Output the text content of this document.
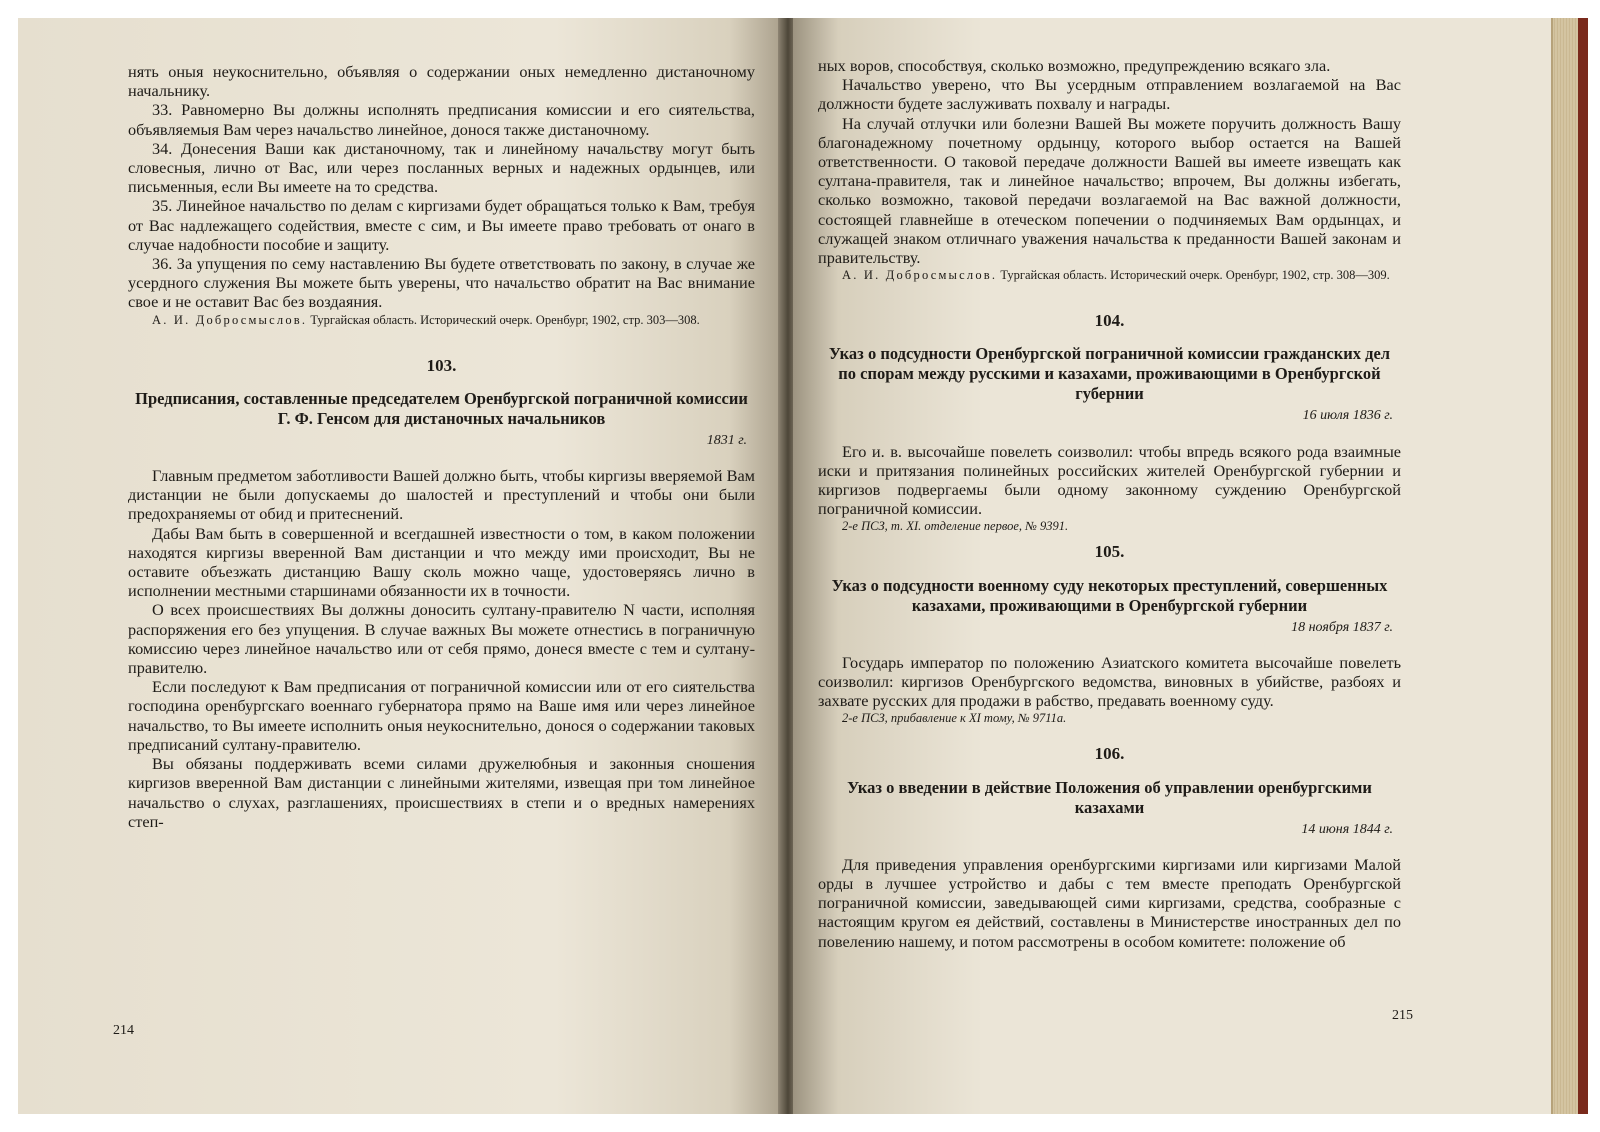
нять оныя неукоснительно, объявляя о содержании оных немедленно дистаночному начальнику.

33. Равномерно Вы должны исполнять предписания комиссии и его сиятельства, объявляемыя Вам через начальство линейное, донося также дистаночному.

34. Донесения Ваши как дистаночному, так и линейному начальству могут быть словесныя, лично от Вас, или через посланных верных и надежных ордынцев, или письменныя, если Вы имеете на то средства.

35. Линейное начальство по делам с киргизами будет обращаться только к Вам, требуя от Вас надлежащего содействия, вместе с сим, и Вы имеете право требовать от онаго в случае надобности пособие и защиту.

36. За упущения по сему наставлению Вы будете ответствовать по закону, в случае же усердного служения Вы можете быть уверены, что начальство обратит на Вас внимание свое и не оставит Вас без воздаяния.

А. И. Добросмыслов. Тургайская область. Исторический очерк. Оренбург, 1902, стр. 303—308.

103.
Предписания, составленные председателем Оренбургской пограничной комиссии Г. Ф. Генсом для дистаночных начальников
1831 г.

Главным предметом заботливости Вашей должно быть, чтобы киргизы вверяемой Вам дистанции не были допускаемы до шалостей и преступлений и чтобы они были предохраняемы от обид и притеснений.

Дабы Вам быть в совершенной и всегдашней известности о том, в каком положении находятся киргизы вверенной Вам дистанции и что между ими происходит, Вы не оставите объезжать дистанцию Вашу сколь можно чаще, удостоверяясь лично в исполнении местными старшинами обязанности их в точности.

О всех происшествиях Вы должны доносить султану-правителю N части, исполняя распоряжения его без упущения. В случае важных Вы можете отнестись в пограничную комиссию через линейное начальство или от себя прямо, донеся вместе с тем и султану-правителю.

Если последуют к Вам предписания от пограничной комиссии или от его сиятельства господина оренбургскаго военнаго губернатора прямо на Ваше имя или через линейное начальство, то Вы имеете исполнить оныя неукоснительно, донося о содержании таковых предписаний султану-правителю.

Вы обязаны поддерживать всеми силами дружелюбныя и законныя сношения киргизов вверенной Вам дистанции с линейными жителями, извещая при том линейное начальство о слухах, разглашениях, происшествиях в степи и о вредных намерениях степ-

214

ных воров, способствуя, сколько возможно, предупреждению всякаго зла.

Начальство уверено, что Вы усердным отправлением возлагаемой на Вас должности будете заслуживать похвалу и награды.

На случай отлучки или болезни Вашей Вы можете поручить должность Вашу благонадежному почетному ордынцу, которого выбор остается на Вашей ответственности. О таковой передаче должности Вашей вы имеете извещать как султана-правителя, так и линейное начальство; впрочем, Вы должны избегать, сколько возможно, таковой передачи возлагаемой на Вас важной должности, состоящей главнейше в отеческом попечении о подчиняемых Вам ордынцах, и служащей знаком отличнаго уважения начальства к преданности Вашей законам и правительству.

А. И. Добросмыслов. Тургайская область. Исторический очерк. Оренбург, 1902, стр. 308—309.

104.
Указ о подсудности Оренбургской пограничной комиссии гражданских дел по спорам между русскими и казахами, проживающими в Оренбургской губернии
16 июля 1836 г.

Его и. в. высочайше повелеть соизволил: чтобы впредь всякого рода взаимные иски и притязания полинейных российских жителей Оренбургской губернии и киргизов подвергаемы были одному законному суждению Оренбургской пограничной комиссии.

2-е ПСЗ, т. XI. отделение первое, № 9391.

105.
Указ о подсудности военному суду некоторых преступлений, совершенных казахами, проживающими в Оренбургской губернии
18 ноября 1837 г.

Государь император по положению Азиатского комитета высочайше повелеть соизволил: киргизов Оренбургского ведомства, виновных в убийстве, разбоях и захвате русских для продажи в рабство, предавать военному суду.

2-е ПСЗ, прибавление к XI тому, № 9711а.

106.
Указ о введении в действие Положения об управлении оренбургскими казахами
14 июня 1844 г.

Для приведения управления оренбургскими киргизами или киргизами Малой орды в лучшее устройство и дабы с тем вместе преподать Оренбургской пограничной комиссии, заведывающей сими киргизами, средства, сообразные с настоящим кругом ея действий, составлены в Министерстве иностранных дел по повелению нашему, и потом рассмотрены в особом комитете: положение об

215
